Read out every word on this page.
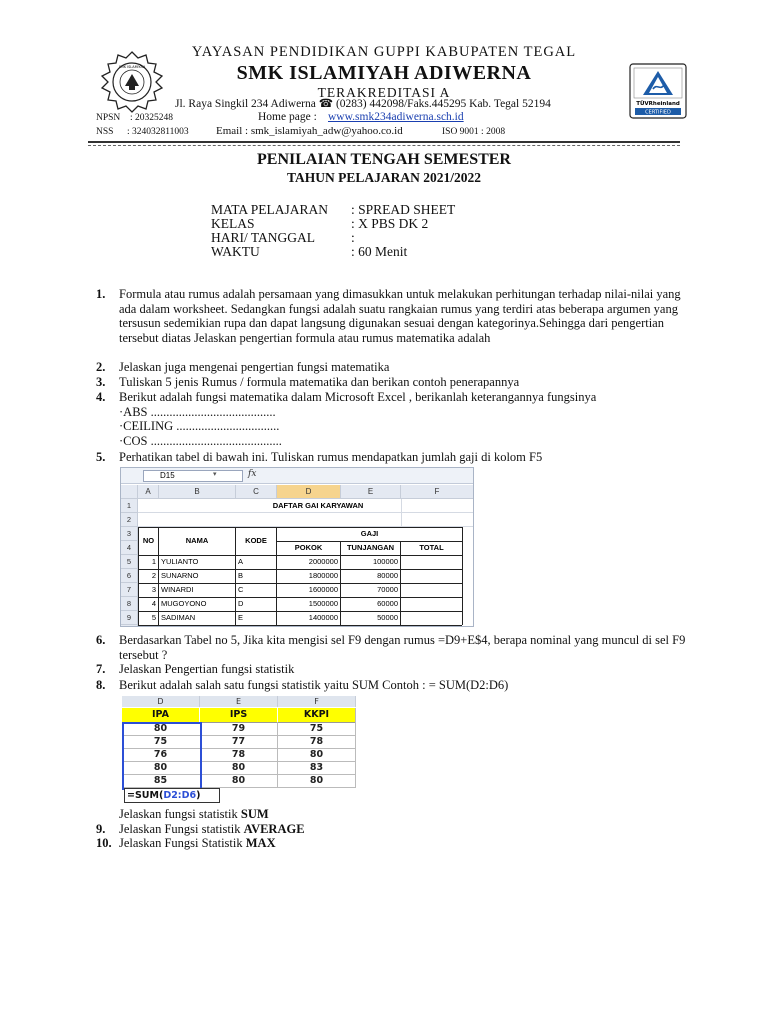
YAYASAN PENDIDIKAN GUPPI KABUPATEN TEGAL
SMK ISLAMIYAH ADIWERNA
TERAKREDITASI A
SMK ISLAMIYAH
TÜVRheinland
CERTIFIED
Jl. Raya Singkil 234 Adiwerna ☎ (0283) 442098/Faks.445295 Kab. Tegal 52194
NPSN : 20325248	Home page : www.smk234adiwerna.sch.id
NSS : 324032811003 Email : smk_islamiyah_adw@yahoo.co.id	ISO 9001 : 2008
PENILAIAN TENGAH SEMESTER
TAHUN PELAJARAN 2021/2022
MATA PELAJARAN : SPREAD SHEET
KELAS	: X PBS DK 2
HARI/ TANGGAL	:
WAKTU	: 60 Menit
1. Formula atau rumus adalah persamaan yang dimasukkan untuk melakukan perhitungan terhadap nilai-nilai yang ada dalam worksheet. Sedangkan fungsi adalah suatu rangkaian rumus yang terdiri atas beberapa argumen yang tersusun sedemikian rupa dan dapat langsung digunakan sesuai dengan kategorinya.Sehingga dari pengertian tersebut diatas Jelaskan pengertian formula atau rumus matematika adalah
2. Jelaskan juga mengenai pengertian fungsi matematika
3. Tuliskan 5 jenis Rumus / formula matematika dan berikan contoh penerapannya
4. Berikut adalah fungsi matematika dalam Microsoft Excel , berikanlah keterangannya fungsinya
·ABS ........................................
·CEILING .................................
·COS ..........................................
5. Perhatikan tabel di bawah ini. Tuliskan rumus mendapatkan jumlah gaji di kolom F5
D15	▾	fx
A	B	C	D	E	F
1
2
3
4
5
6
7
8
9
DAFTAR GAI KARYAWAN
NO	NAMA	KODE
GAJI
POKOK	TUNJANGAN	TOTAL
1 YULIANTO	A	2000000	100000
2 SUNARNO	B	1800000	80000
3 WINARDI	C	1600000	70000
4 MUGOYONO	D	1500000	60000
5 SADIMAN	E	1400000	50000
6. Berdasarkan Tabel no 5, Jika kita mengisi sel F9 dengan rumus =D9+E$4, berapa nominal yang muncul di sel F9 tersebut ?
7. Jelaskan Pengertian fungsi statistik
8. Berikut adalah salah satu fungsi statistik yaitu SUM Contoh : = SUM(D2:D6)
D	E	F
IPA	IPS	KKPI
80	79	75
75	77	78
76	78	80
80	80	83
85	80	80
=SUM(D2:D6)
Jelaskan fungsi statistik SUM
9. Jelaskan Fungsi statistik AVERAGE
10. Jelaskan Fungsi Statistik MAX
